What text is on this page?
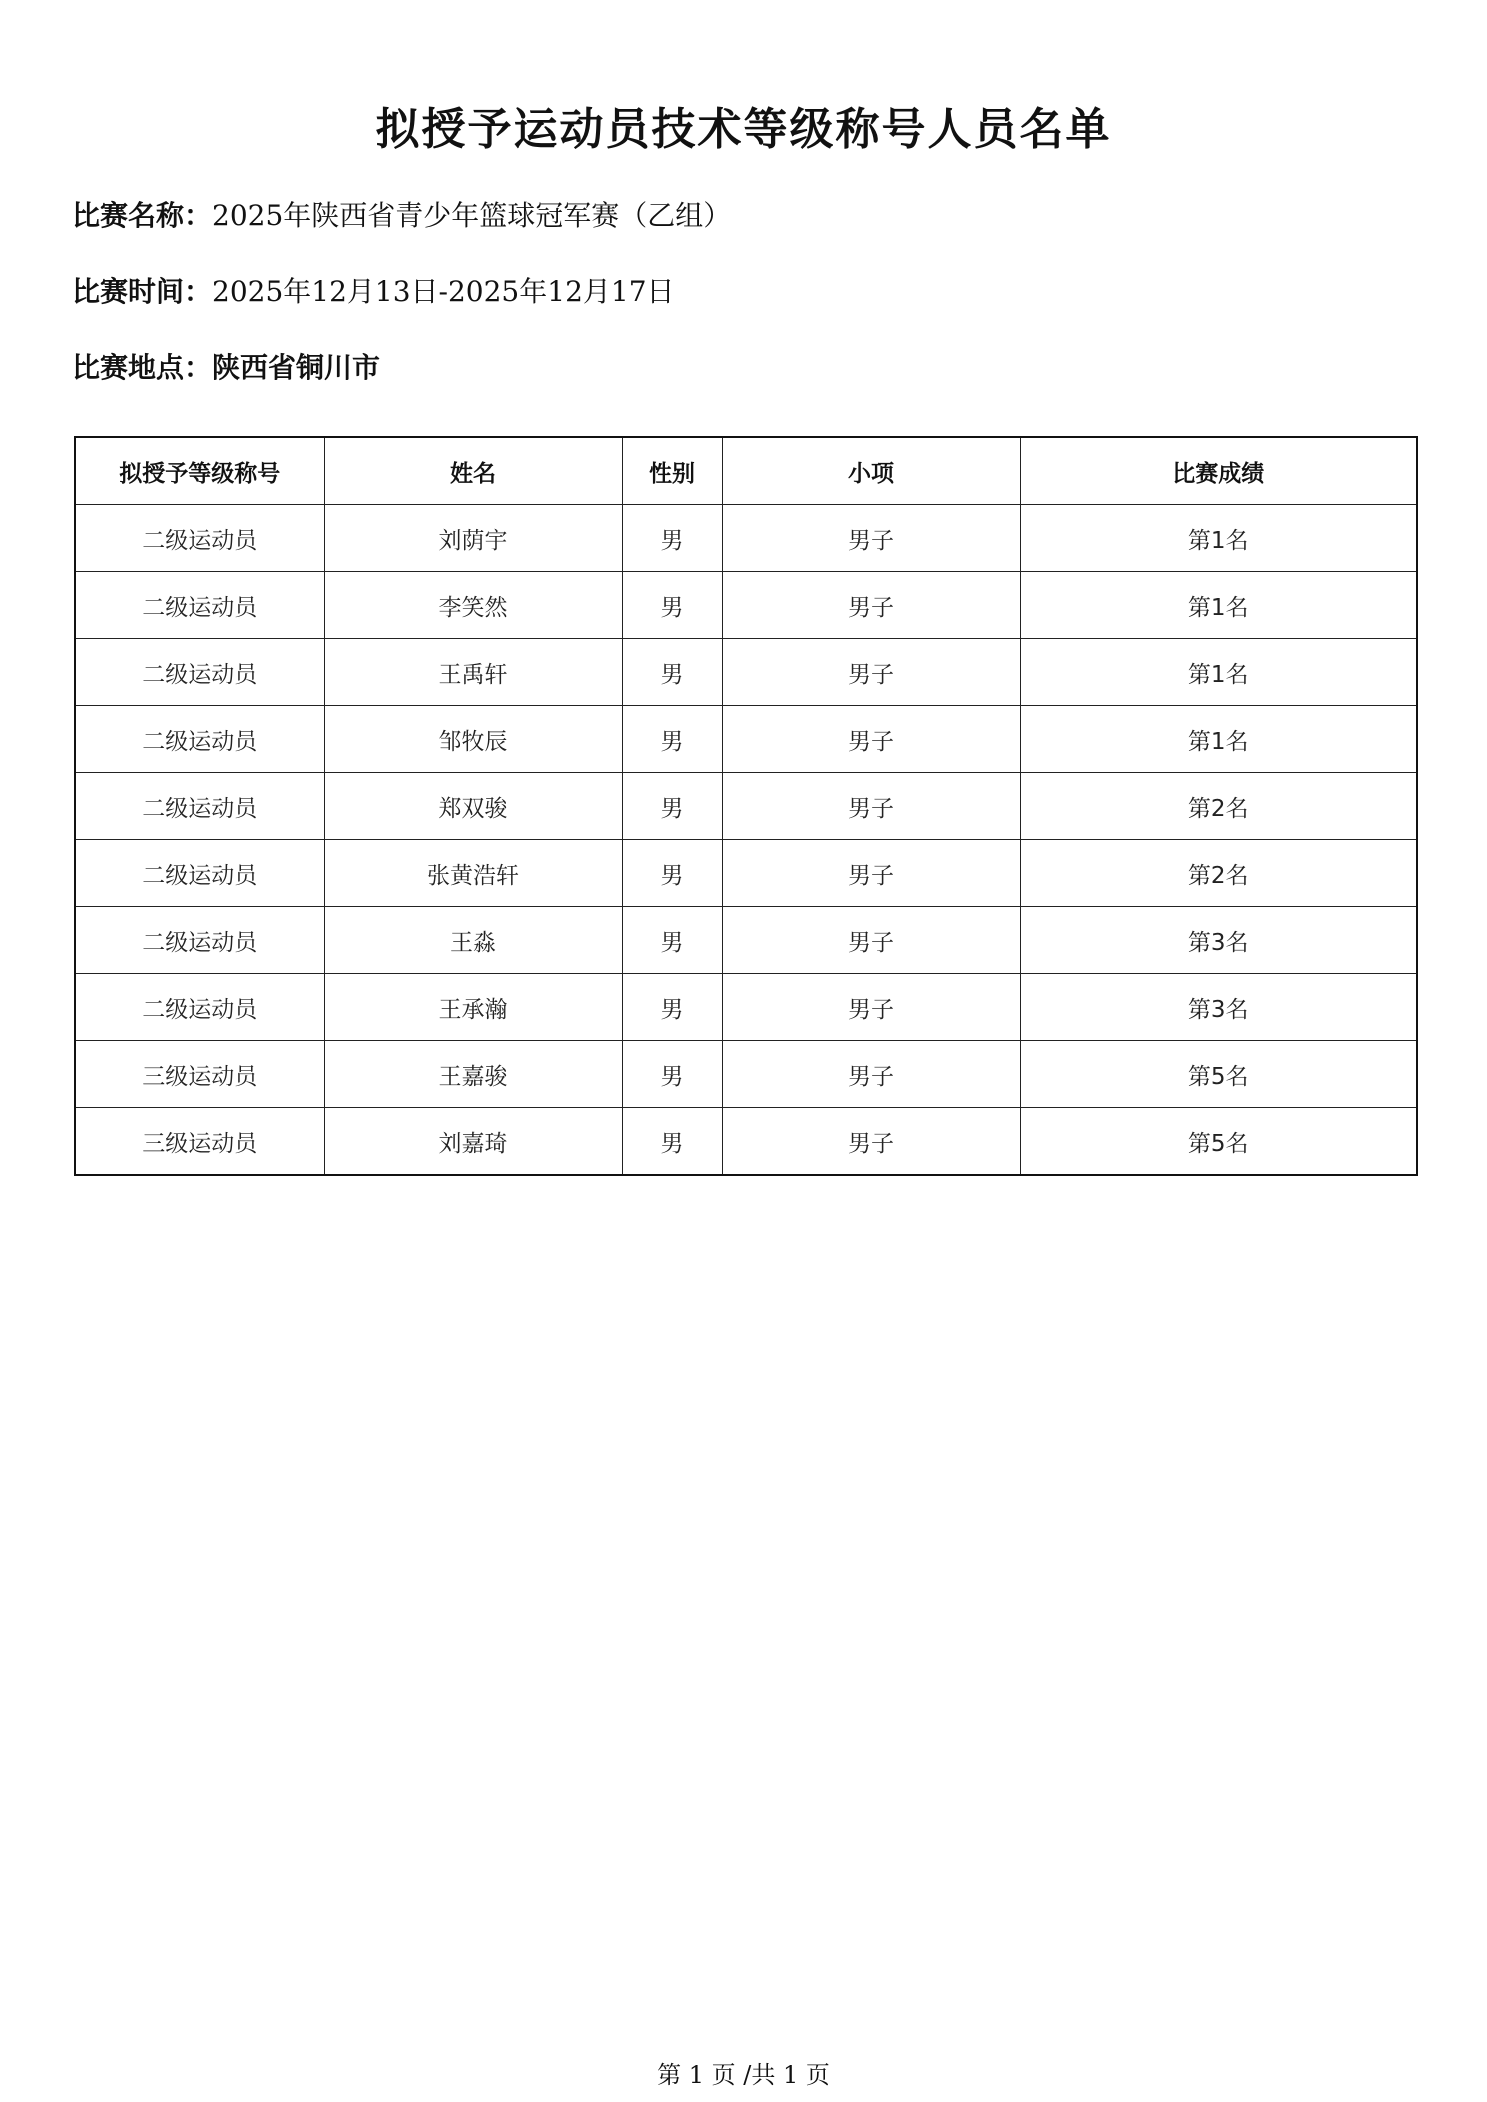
拟授予运动员技术等级称号人员名单
比赛名称：2025年陕西省青少年篮球冠军赛（乙组）
比赛时间：2025年12月13日-2025年12月17日
比赛地点：陕西省铜川市
拟授予等级称号	姓名	性别	小项	比赛成绩
二级运动员	刘荫宇	男	男子	第1名
二级运动员	李笑然	男	男子	第1名
二级运动员	王禹轩	男	男子	第1名
二级运动员	邹牧辰	男	男子	第1名
二级运动员	郑双骏	男	男子	第2名
二级运动员	张黄浩轩	男	男子	第2名
二级运动员	王淼	男	男子	第3名
二级运动员	王承瀚	男	男子	第3名
三级运动员	王嘉骏	男	男子	第5名
三级运动员	刘嘉琦	男	男子	第5名
第 1 页 /共 1 页
